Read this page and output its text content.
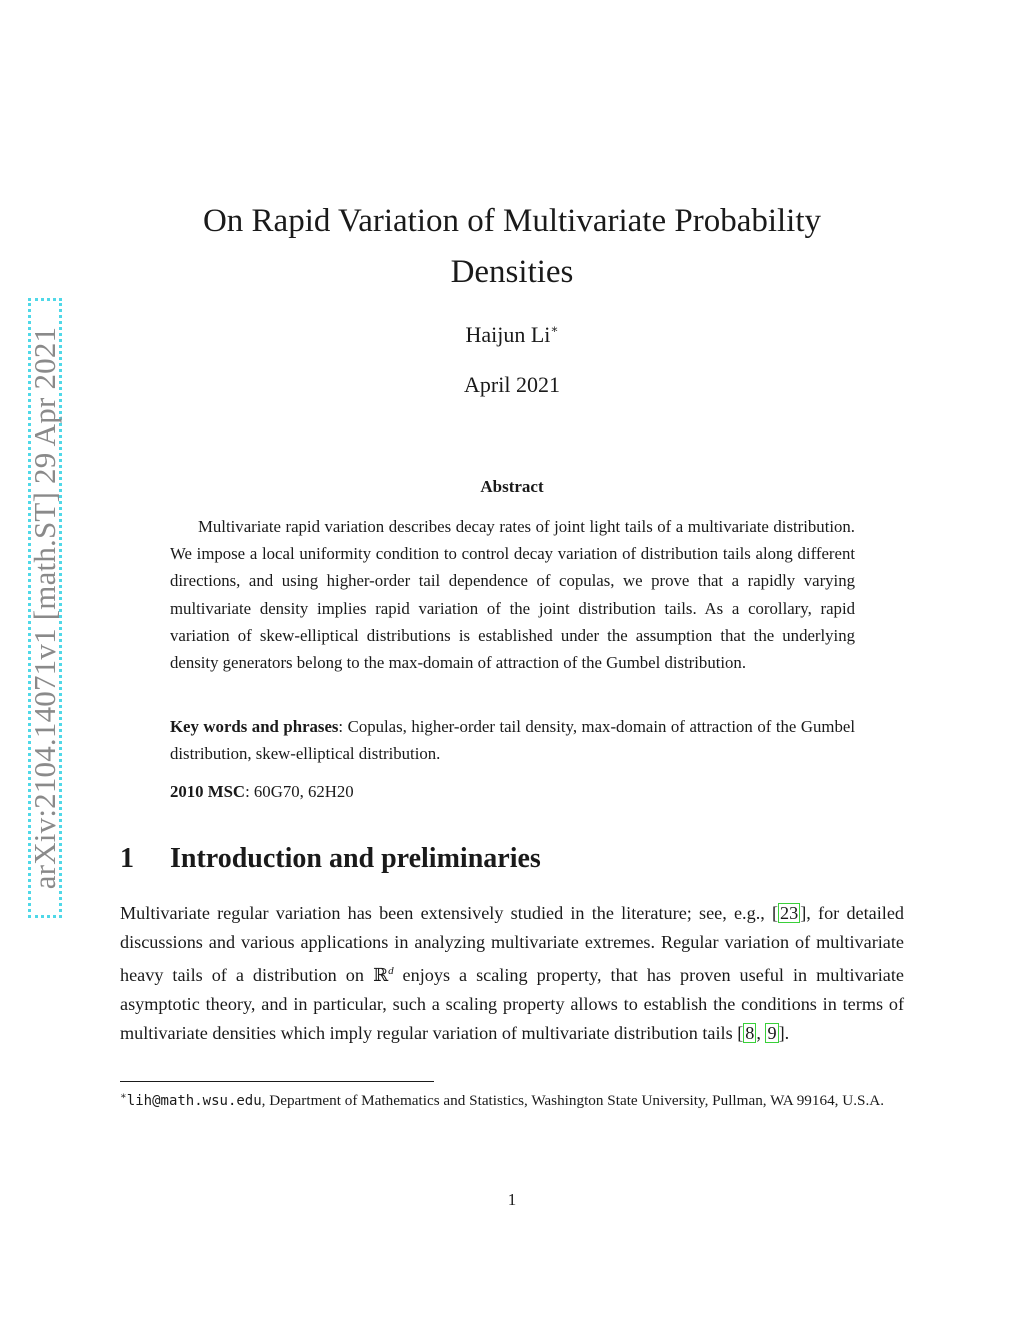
arXiv:2104.14071v1 [math.ST] 29 Apr 2021
On Rapid Variation of Multivariate Probability Densities
Haijun Li∗
April 2021
Abstract

Multivariate rapid variation describes decay rates of joint light tails of a multivariate distribution. We impose a local uniformity condition to control decay variation of distribution tails along different directions, and using higher-order tail dependence of copulas, we prove that a rapidly varying multivariate density implies rapid variation of the joint distribution tails. As a corollary, rapid variation of skew-elliptical distributions is established under the assumption that the underlying density generators belong to the max-domain of attraction of the Gumbel distribution.

Key words and phrases: Copulas, higher-order tail density, max-domain of attraction of the Gumbel distribution, skew-elliptical distribution.

2010 MSC: 60G70, 62H20

1 Introduction and preliminaries

Multivariate regular variation has been extensively studied in the literature; see, e.g., [ 23 ], for detailed discussions and various applications in analyzing multivariate extremes. Regular variation of multivariate heavy tails of a distribution on ℝ$^d$ enjoys a scaling property, that has proven useful in multivariate asymptotic theory, and in particular, such a scaling property allows to establish the conditions in terms of multivariate densities which imply regular variation of multivariate distribution tails [ 8 , 9 ].

∗lih@math.wsu.edu, Department of Mathematics and Statistics, Washington State University, Pullman, WA 99164, U.S.A.

1
